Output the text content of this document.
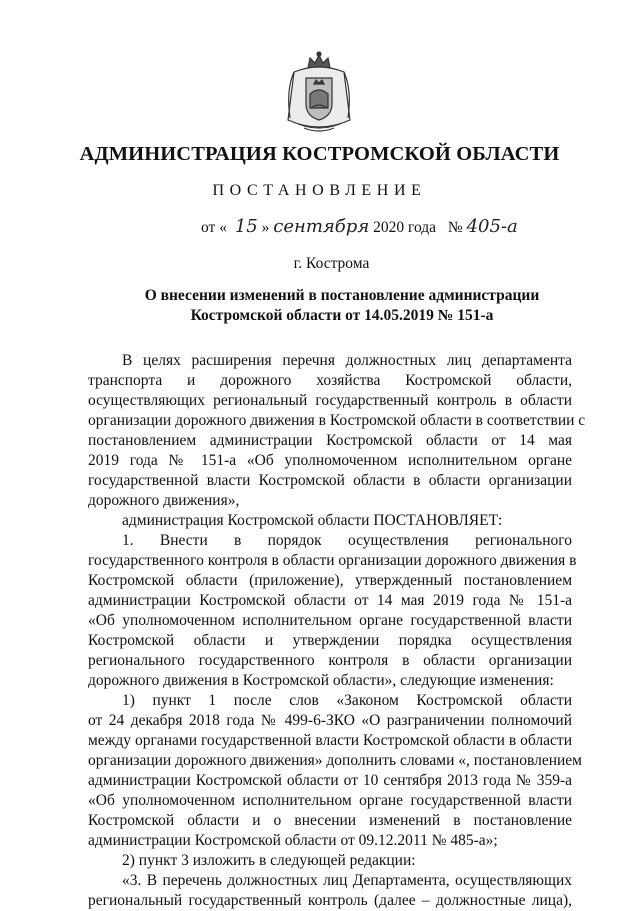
АДМИНИСТРАЦИЯ КОСТРОМСКОЙ ОБЛАСТИ
ПОСТАНОВЛЕНИЕ
от « 15 » сентября 2020 года № 405-а
г. Кострома
О внесении изменений в постановление администрации
Костромской области от 14.05.2019 № 151-а
В целях расширения перечня должностных лиц департамента
транспорта и дорожного хозяйства Костромской области,
осуществляющих региональный государственный контроль в области
организации дорожного движения в Костромской области в соответствии с
постановлением администрации Костромской области от 14 мая
2019 года № 151-а «Об уполномоченном исполнительном органе
государственной власти Костромской области в области организации
дорожного движения»,
администрация Костромской области ПОСТАНОВЛЯЕТ:
1. Внести в порядок осуществления регионального
государственного контроля в области организации дорожного движения в
Костромской области (приложение), утвержденный постановлением
администрации Костромской области от 14 мая 2019 года № 151-а
«Об уполномоченном исполнительном органе государственной власти
Костромской области и утверждении порядка осуществления
регионального государственного контроля в области организации
дорожного движения в Костромской области», следующие изменения:
1) пункт 1 после слов «Законом Костромской области
от 24 декабря 2018 года № 499-6-ЗКО «О разграничении полномочий
между органами государственной власти Костромской области в области
организации дорожного движения» дополнить словами «, постановлением
администрации Костромской области от 10 сентября 2013 года № 359-а
«Об уполномоченном исполнительном органе государственной власти
Костромской области и о внесении изменений в постановление
администрации Костромской области от 09.12.2011 № 485-а»;
2) пункт 3 изложить в следующей редакции:
«3. В перечень должностных лиц Департамента, осуществляющих
региональный государственный контроль (далее – должностные лица),
